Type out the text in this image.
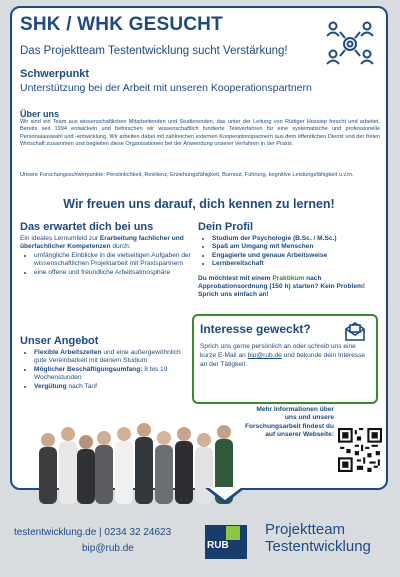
SHK / WHK GESUCHT
Das Projektteam Testentwicklung sucht Verstärkung!
Schwerpunkt
Unterstützung bei der Arbeit mit unseren Kooperationspartnern
Über uns
Wir sind ein Team aus wissenschaftlichen Mitarbeitenden und Studierenden, das unter der Leitung von Rüdiger Hossiep forscht und arbeitet. Bereits seit 1994 entwickeln und beforschen wir wissenschaftlich fundierte Testverfahren für eine systematische und professionelle Personalauswahl und -entwicklung. Wir arbeiten dabei mit zahlreichen externen Kooperationspartnern aus dem öffentlichen Dienst und der freien Wirtschaft zusammen und begleiten diese Organisationen bei der Anwendung unserer Verfahren in der Praxis.
Unsere Forschungsschwerpunkte: Persönlichkeit, Resilienz, Erziehungsfähigkeit, Burnout, Führung, kognitive Leistungsfähigkeit u.v.m.
Wir freuen uns darauf, dich kennen zu lernen!
Das erwartet dich bei uns
Ein ideales Lernumfeld zur Erarbeitung fachlicher und überfachlicher Kompetenzen durch:
• umfängliche Einblicke in die vielseitigen Aufgaben der wissenschaftlichen Projektarbeit mit Praxispartnern
• eine offene und freundliche Arbeitsatmosphäre
Dein Profil
• Studium der Psychologie (B.Sc. / M.Sc.)
• Spaß am Umgang mit Menschen
• Engagierte und genaue Arbeitsweise
• Lernbereitschaft
Du möchtest mit einem Praktikum nach Approbationsordnung (150 h) starten? Kein Problem! Sprich uns einfach an!
Unser Angebot
• Flexible Arbeitszeiten und eine außergewöhnlich gute Vereinbarkeit mit deinem Studium
• Möglicher Beschäftigungsumfang: 8 bis 19 Wochenstunden
• Vergütung nach Tarif
Interesse geweckt?
Sprich uns gerne persönlich an oder schreib uns eine kurze E-Mail an bip@rub.de und bekunde dein Interesse an der Tätigkeit.
Mehr Informationen über uns und unsere Forschungsarbeit findest du auf unserer Webseite:
testentwicklung.de | 0234 32 24623
bip@rub.de	RUB
Projektteam
Testentwicklung
